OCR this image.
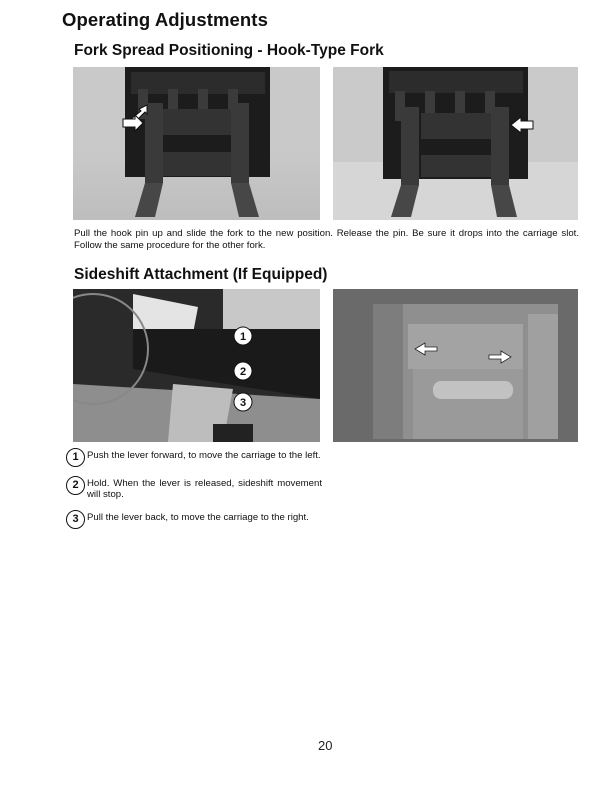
Operating Adjustments
Fork Spread Positioning - Hook-Type Fork
Pull the hook pin up and slide the fork to the new position. Release the pin. Be sure it drops into the carriage slot. Follow the same procedure for the other fork.
Sideshift Attachment (If Equipped)
1
2
3
1 Push the lever forward, to move the carriage to the left.
2 Hold. When the lever is released, sideshift movement will stop.
3 Pull the lever back, to move the carriage to the right.
20
